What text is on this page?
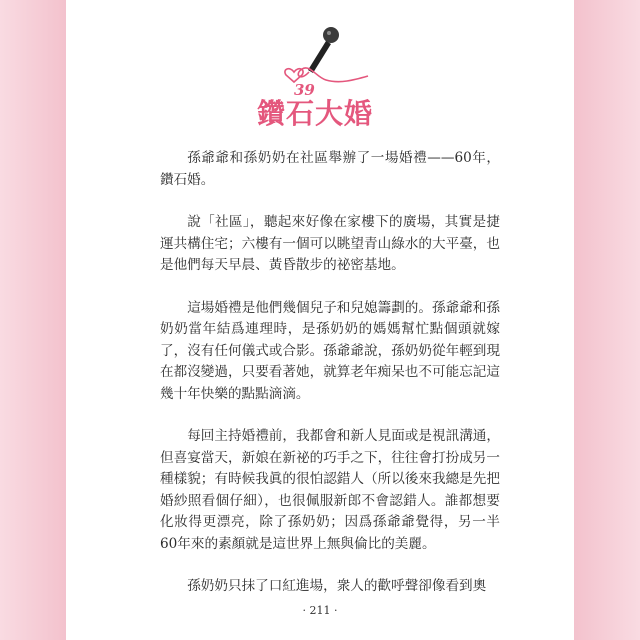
39
鑽石大婚

孫爺爺和孫奶奶在社區舉辦了一場婚禮——60年，鑽石婚。

說「社區」，聽起來好像在家樓下的廣場，其實是捷運共構住宅；六樓有一個可以眺望青山綠水的大平臺，也是他們每天早晨、黃昏散步的祕密基地。

這場婚禮是他們幾個兒子和兒媳籌劃的。孫爺爺和孫奶奶當年結爲連理時，是孫奶奶的媽媽幫忙點個頭就嫁了，沒有任何儀式或合影。孫爺爺說，孫奶奶從年輕到現在都沒變過，只要看著她，就算老年痴呆也不可能忘記這幾十年快樂的點點滴滴。

每回主持婚禮前，我都會和新人見面或是視訊溝通，但喜宴當天，新娘在新祕的巧手之下，往往會打扮成另一種樣貌；有時候我眞的很怕認錯人（所以後來我總是先把婚紗照看個仔細），也很佩服新郎不會認錯人。誰都想要化妝得更漂亮，除了孫奶奶；因爲孫爺爺覺得，另一半60年來的素顏就是這世界上無與倫比的美麗。

孫奶奶只抹了口紅進場，衆人的歡呼聲卻像看到奧

· 211 ·
